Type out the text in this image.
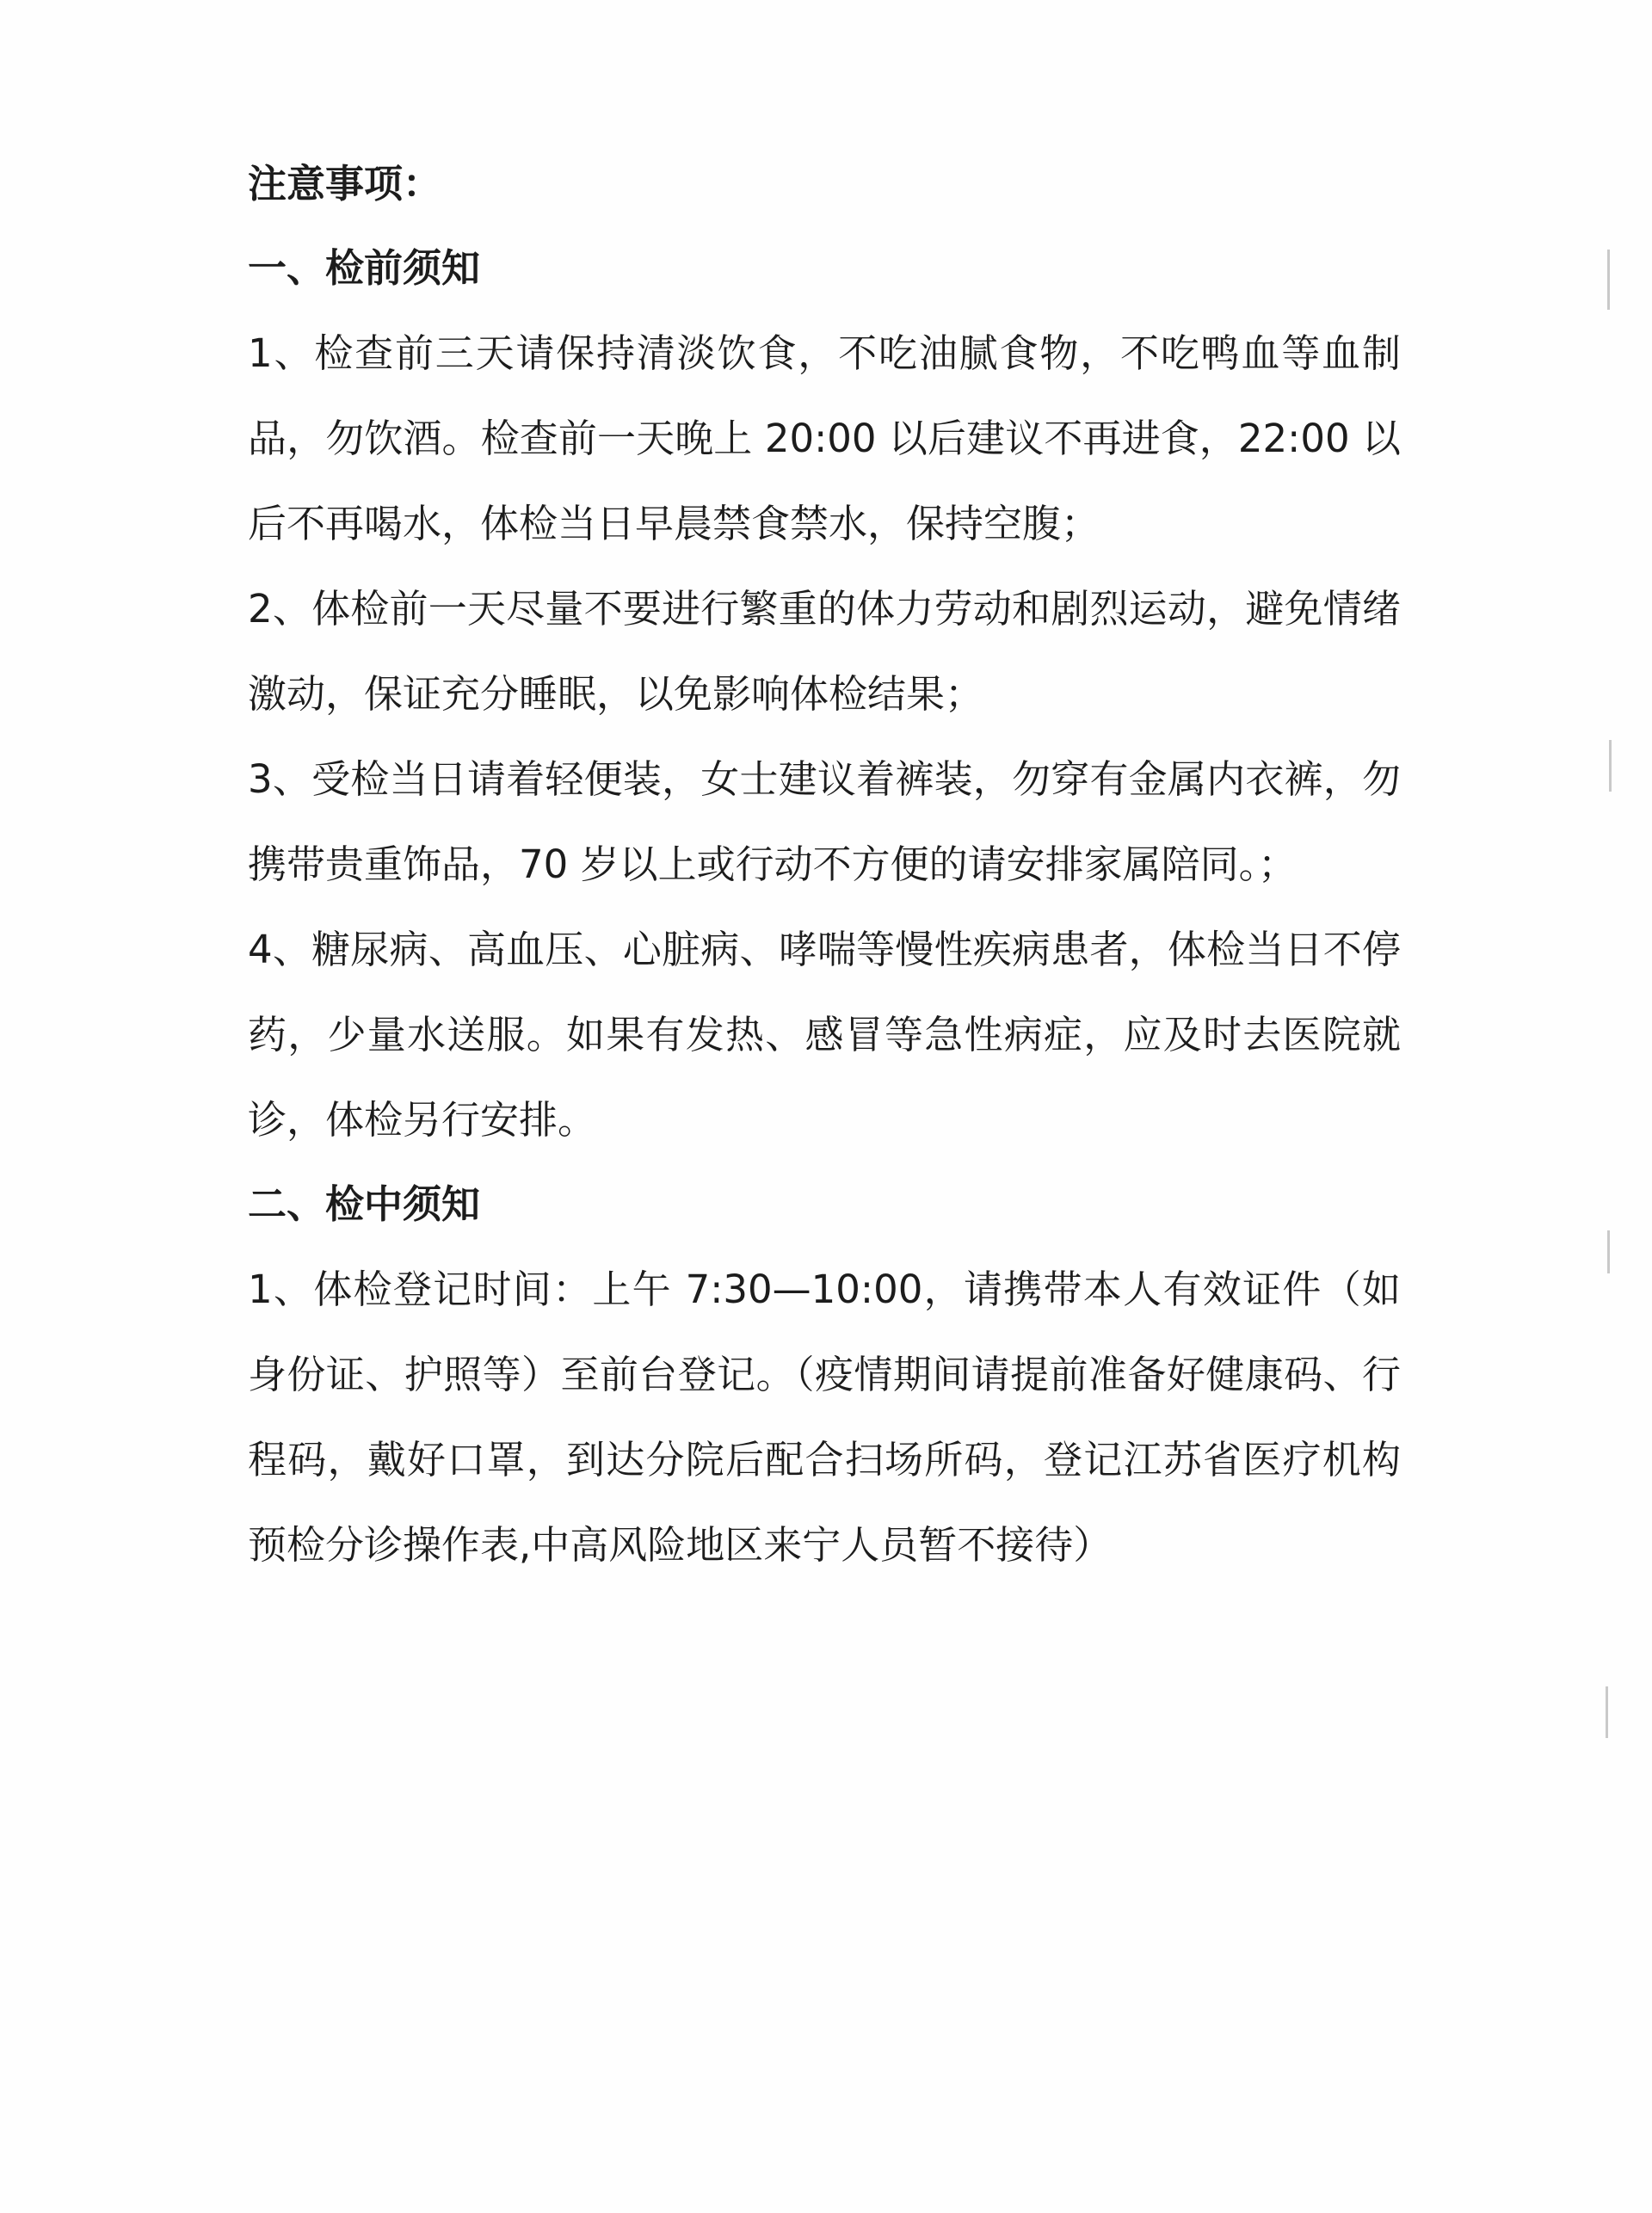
注意事项：
一、检前须知
1、检查前三天请保持清淡饮食，不吃油腻食物，不吃鸭血等血制品，勿饮酒。检查前一天晚上 20:00 以后建议不再进食，22:00 以后不再喝水，体检当日早晨禁食禁水，保持空腹；
2、体检前一天尽量不要进行繁重的体力劳动和剧烈运动，避免情绪激动，保证充分睡眠，以免影响体检结果；
3、受检当日请着轻便装，女士建议着裤装，勿穿有金属内衣裤，勿携带贵重饰品，70 岁以上或行动不方便的请安排家属陪同。；
4、糖尿病、高血压、心脏病、哮喘等慢性疾病患者，体检当日不停药，少量水送服。如果有发热、感冒等急性病症，应及时去医院就诊，体检另行安排。
二、检中须知
1、体检登记时间：上午 7:30—10:00，请携带本人有效证件（如身份证、护照等）至前台登记。（疫情期间请提前准备好健康码、行程码，戴好口罩，到达分院后配合扫场所码，登记江苏省医疗机构预检分诊操作表,中高风险地区来宁人员暂不接待）
